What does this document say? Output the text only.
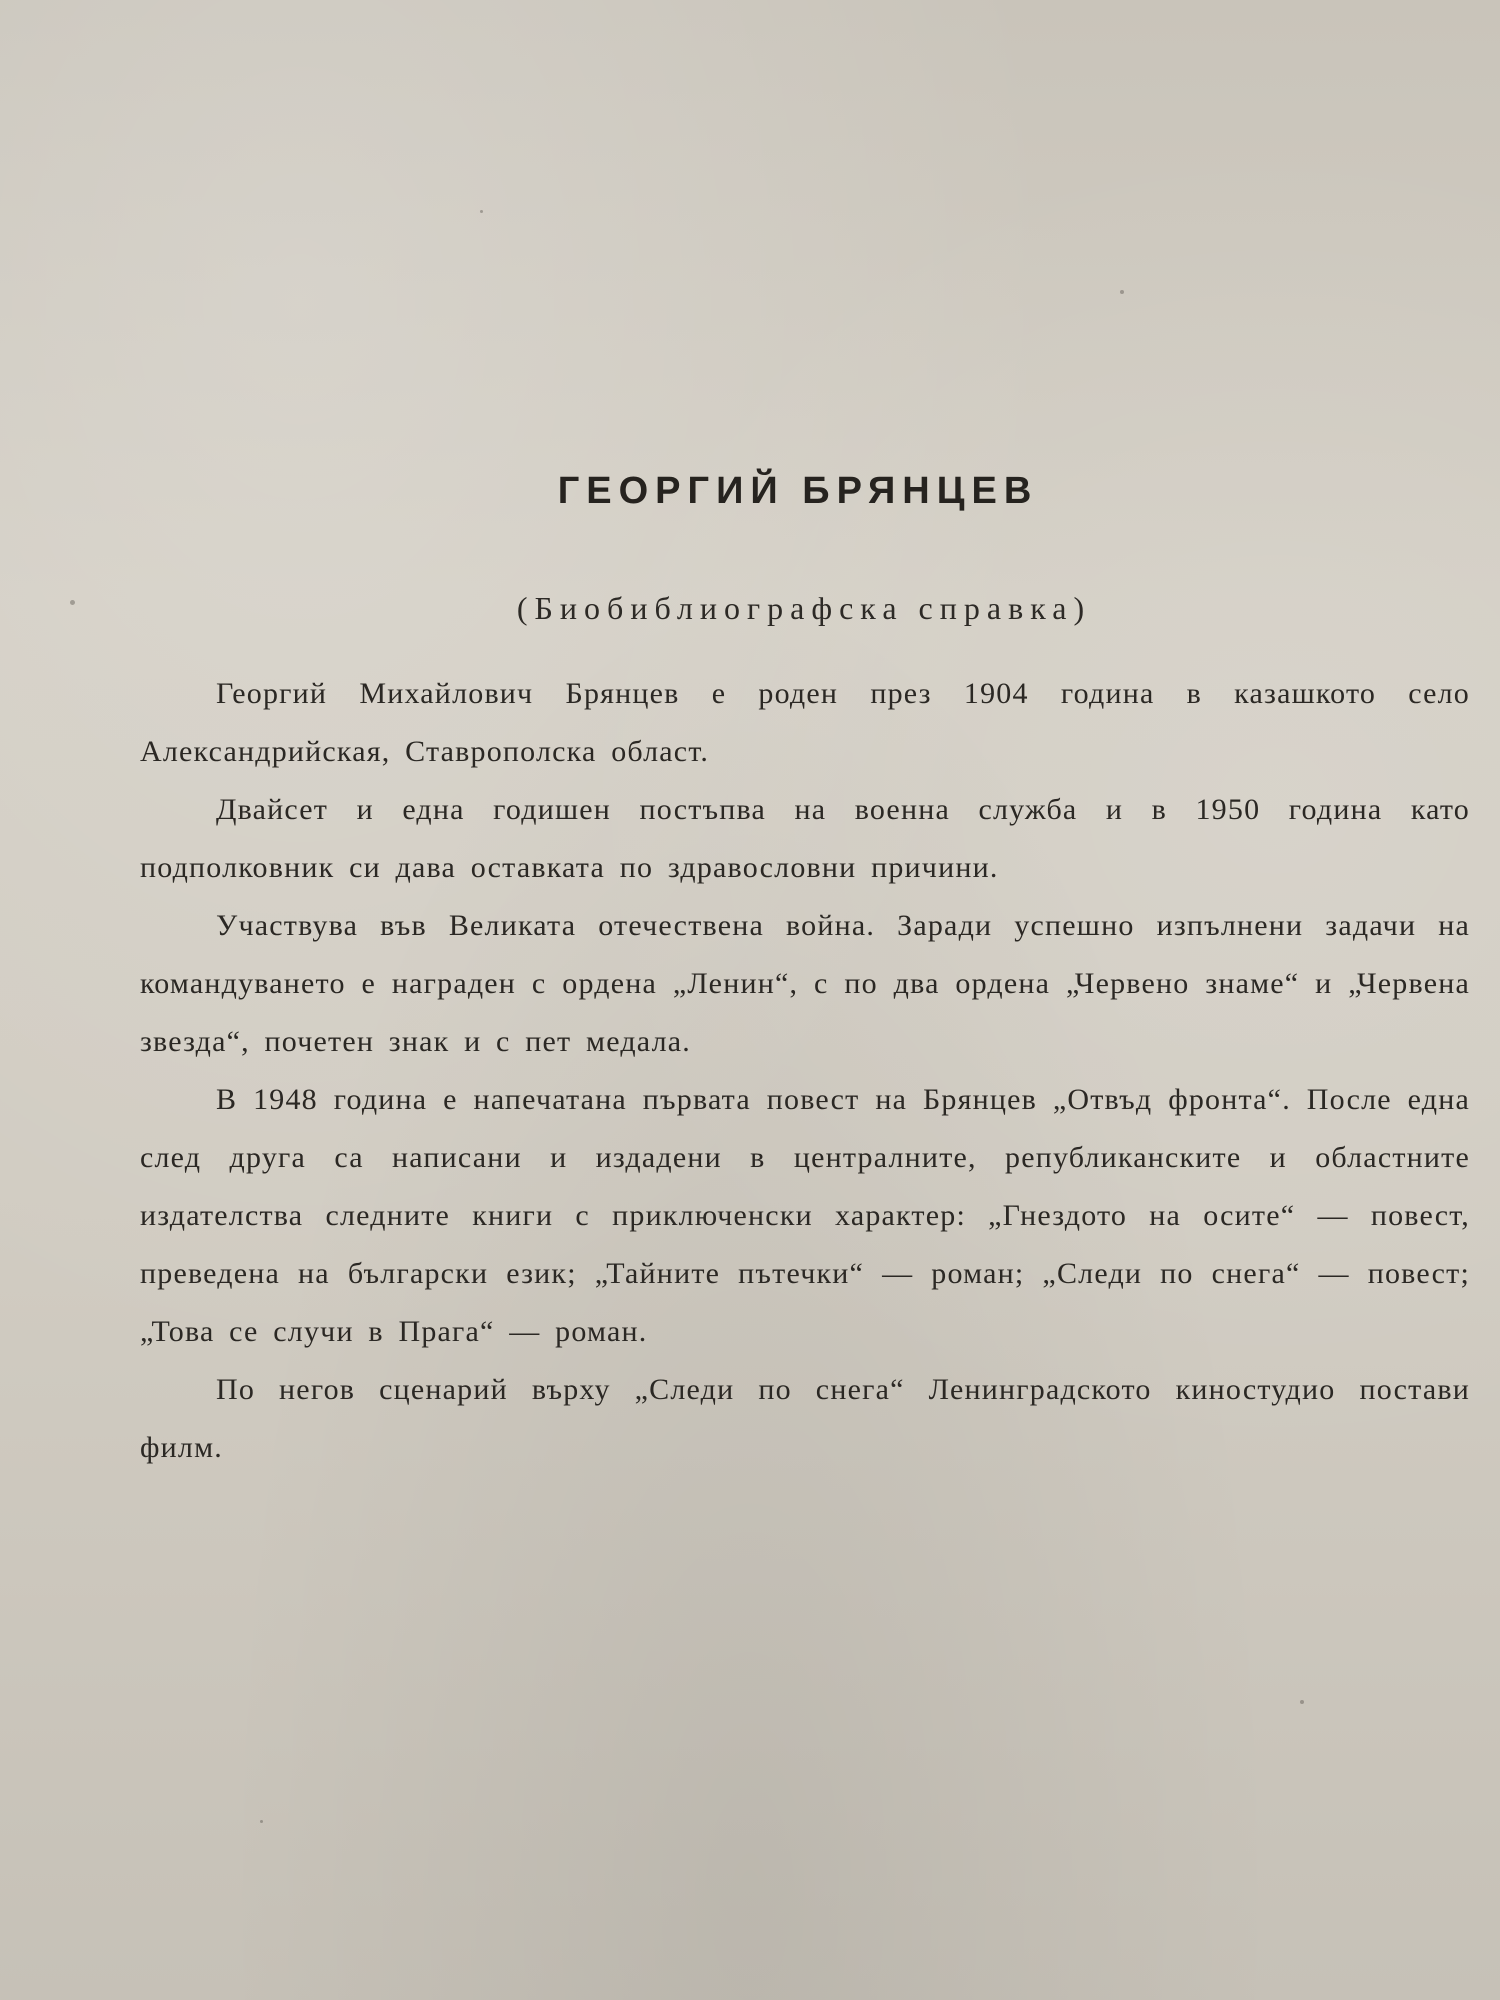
ГЕОРГИЙ БРЯНЦЕВ
(Биобиблиографска справка)

Георгий Михайлович Брянцев е роден през 1904 година в казашкото село Александрийская, Ставрополска област.

Двайсет и една годишен постъпва на военна служба и в 1950 година като подполковник си дава оставката по здравословни причини.

Участвува във Великата отечествена война. Заради успешно изпълнени задачи на командуването е награден с ордена „Ленин“, с по два ордена „Червено знаме“ и „Червена звезда“, почетен знак и с пет медала.

В 1948 година е напечатана първата повест на Брянцев „Отвъд фронта“. После една след друга са написани и издадени в централните, републиканските и областните издателства следните книги с приключенски характер: „Гнездото на осите“ — повест, преведена на български език; „Тайните пътечки“ — роман; „Следи по снега“ — повест; „Това се случи в Прага“ — роман.

По негов сценарий върху „Следи по снега“ Ленинградското киностудио постави филм.
